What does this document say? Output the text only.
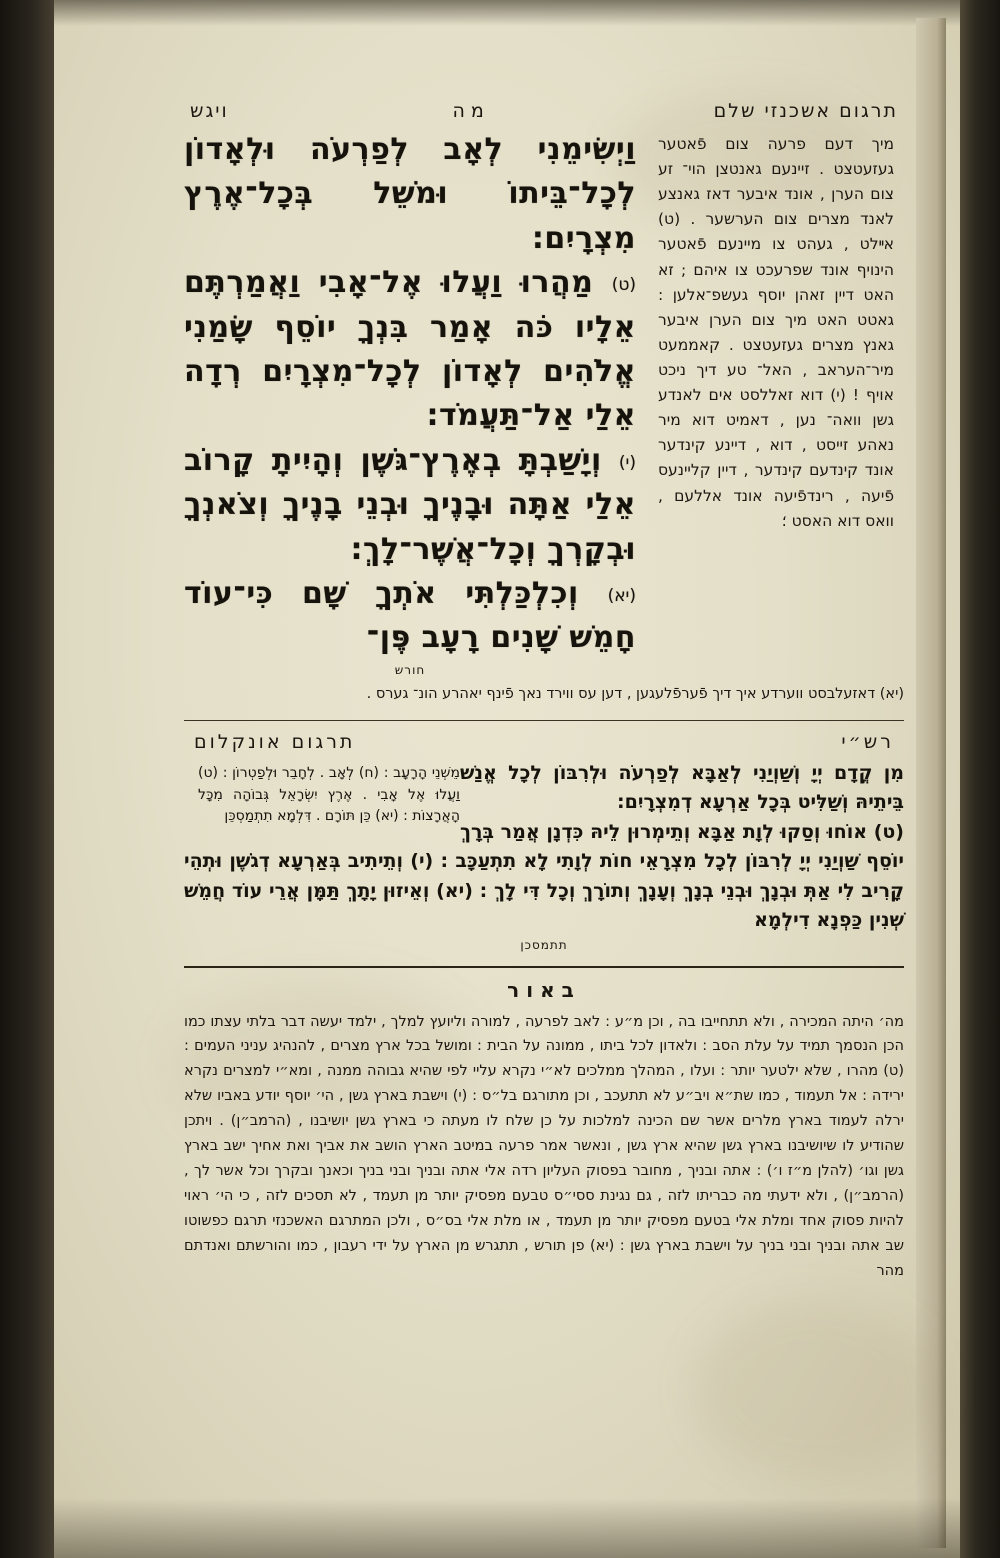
ויגש	מה	תרגום אשכנזי שלם
וַיְשִׂימֵנִי לְאָב לְפַרְעֹה וּלְאָדוֹן לְכָל־בֵּיתוֹ וּמֹשֵׁל בְּכָל־אֶרֶץ מִצְרָיִם:
(ט) מַהֲרוּ וַעֲלוּ אֶל־אָבִי וַאֲמַרְתֶּם אֵלָיו כֹּה אָמַר בִּנְךָ יוֹסֵף שָׂמַנִי אֱלֹהִים לְאָדוֹן לְכָל־מִצְרָיִם רְדָה אֵלַי אַל־תַּעֲמֹד:
(י) וְיָשַׁבְתָּ בְאֶרֶץ־גֹּשֶׁן וְהָיִיתָ קָרוֹב אֵלַי אַתָּה וּבָנֶיךָ וּבְנֵי בָנֶיךָ וְצֹאנְךָ וּבְקָרְךָ וְכָל־אֲשֶׁר־לָךְ:
(יא) וְכִלְכַּלְתִּי אֹתְךָ שָׁם כִּי־עוֹד חָמֵשׁ שָׁנִים רָעָב פֶּן־
חורש
מיך דעם פרעה צום פֿאטער געזעטצט . זיינעם גאנטצן הוי־ זע צום הערן , אונד איבער דאז גאנצע לאנד מצרים צום הערשער . (ט) אײלט , געהט צו מיינעם פֿאטער הינויף אונד שפרעכט צו איהם ; זא האט דיין זאהן יוסף געשפ־אלען : גאטט האט מיך צום הערן איבער גאנץ מצרים געזעטצט . קאממעט מיר־העראב , האל־ טע דיך ניכט אויף ! (י) דוא זאללסט אים לאנדע גשן וואה־ נען , דאמיט דוא מיר נאהע זייסט , דוא , דיינע קינדער אונד קינדעם קינדער , דיין קליינעס פֿיעה , רינדפֿיעה אונד אללעם , וואס דוא האסט ؛
(יא) דאזעלבסט ווערדע איך דיך פֿערפֿלעגען , דען עס ווירד נאך פֿינף יאהרע הונ־ גערס .
תרגום אונקלום	רש״י
מֵשְׁנֵי הָרָעָב : (ח) לְאָב . לְחָבֵר וּלְפַטְרוֹן : (ט) וַעֲלוּ אֶל אָבִי . אֶרֶץ יִשְׂרָאֵל גְּבוֹהָה מִכָּל הָאֲרָצוֹת : (יא) כֵּן תּוֹרָם . דִּלְמָא תִתְמַסְכֵּן
מִן קֳדָם יְיָ וְשַׁוְיַנִי לְאַבָּא לְפַרְעֹה וּלְרִבּוֹן לְכָל אֱנַשׁ בֵּיתֵיהּ וְשַׁלִּיט בְּכָל אַרְעָא דְמִצְרָיִם:
(ט) אוֹחוּ וְסַקוּ לְוָת אַבָּא וְתֵימְרוּן לֵיהּ כִּדְנָן אֲמַר בְּרָךְ יוֹסֵף שַׁוְיַנִי יְיָ לְרִבּוֹן לְכָל מִצְרָאֵי חוֹת לְוָתִי לָא תִתְעַכָּב : (י) וְתֵיתִיב בְּאַרְעָא דְגֹשֶׁן וּתְהֵי קָרִיב לִי אַתְּ וּבְנָךְ וּבְנֵי בְנָךְ וְעָנָךְ וְתוֹרָךְ וְכָל דִּי לָךְ : (יא) וְאֵיזוּן יָתָךְ תַּמָּן אֲרֵי עוֹד חֲמֵשׁ שְׁנִין כַּפְנָא דִילְמָא
תתמסכן
באור
מה׳ היתה המכירה , ולא תתחייבו בה , וכן מ״ע : לאב לפרעה , למורה וליועץ למלך , ילמד יעשה דבר בלתי עצתו כמו הכן הנסמך תמיד על עלת הסב : ולאדון לכל ביתו , ממונה על הבית : ומושל בכל ארץ מצרים , להנהיג עניני העמים : (ט) מהרו , שלא ילטער יותר : ועלו , המהלך ממלכים לא״י נקרא עליי לפי שהיא גבוהה ממנה , ומא״י למצרים נקרא ירידה : אל תעמוד , כמו שת״א ויב״ע לא תתעכב , וכן מתורגם בל״ס : (י) וישבת בארץ גשן , הי׳ יוסף יודע באביו שלא ירלה לעמוד בארץ מלרים אשר שם הכינה למלכות על כן שלח לו מעתה כי בארץ גשן יושיבנו , (הרמב״ן) . ויתכן שהודיע לו שיושיבנו בארץ גשן שהיא ארץ גשן , ונאשר אמר פרעה במיטב הארץ הושב את אביך ואת אחיך ישב בארץ גשן וגו׳ (להלן מ״ז ו׳) : אתה ובניך , מחובר בפסוק העליון רדה אלי אתה ובניך ובני בניך וכאנך ובקרך וכל אשר לך , (הרמב״ן) , ולא ידעתי מה כבריתו לזה , גם נגינת ססי״ס טבעם מפסיק יותר מן תעמד , לא תסכים לזה , כי הי׳ ראוי להיות פסוק אחד ומלת אלי בטעם מפסיק יותר מן תעמד , או מלת אלי בס״ס , ולכן המתרגם האשכנזי תרגם כפשוטו שב אתה ובניך ובני בניך על וישבת בארץ גשן : (יא) פן תורש , תתגרש מן הארץ על ידי רעבון , כמו והורשתם ואנדתם מהר
